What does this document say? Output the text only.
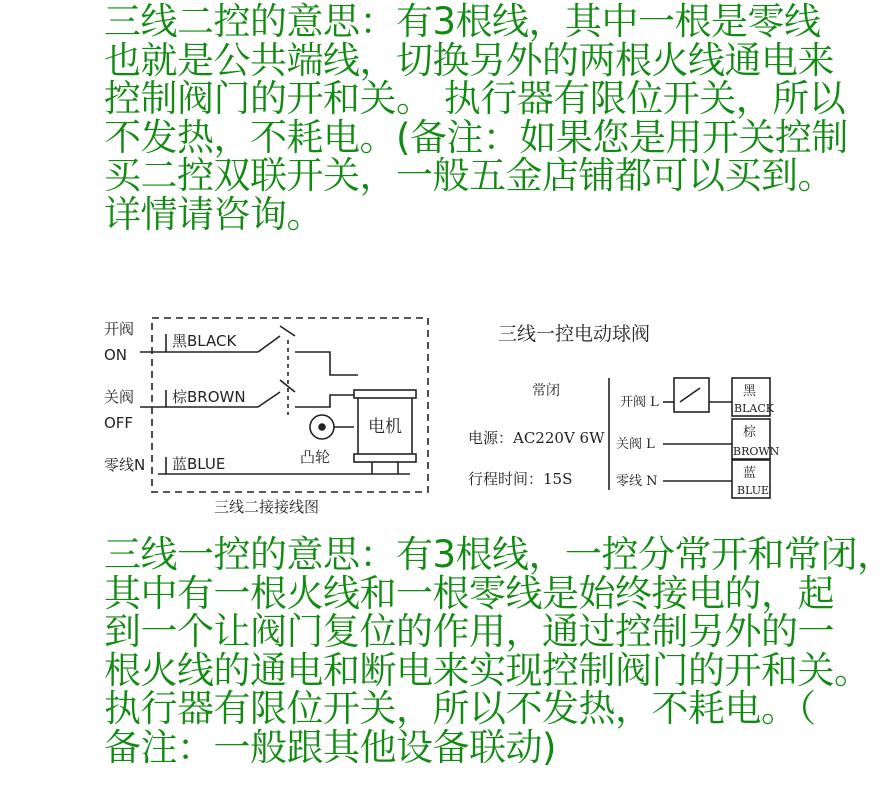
三线二控的意思：有3根线，其中一根是零线
也就是公共端线，切换另外的两根火线通电来
控制阀门的开和关。 执行器有限位开关，所以
不发热，不耗电。(备注：如果您是用开关控制
买二控双联开关，一般五金店铺都可以买到。
详情请咨询。
开阀
ON
关阀
OFF
零线N
黑BLACK
棕BROWN
蓝BLUE
电机
凸轮
三线二接接线图
三线一控电动球阀
常闭
电源：AC220V 6W
行程时间：15S
开阀 L
关阀 L
零线 N
黑
BLACK
棕
BROWN
蓝
BLUE
三线一控的意思：有3根线，一控分常开和常闭，
其中有一根火线和一根零线是始终接电的，起
到一个让阀门复位的作用，通过控制另外的一
根火线的通电和断电来实现控制阀门的开和关。
执行器有限位开关，所以不发热，不耗电。（
备注：一般跟其他设备联动)
